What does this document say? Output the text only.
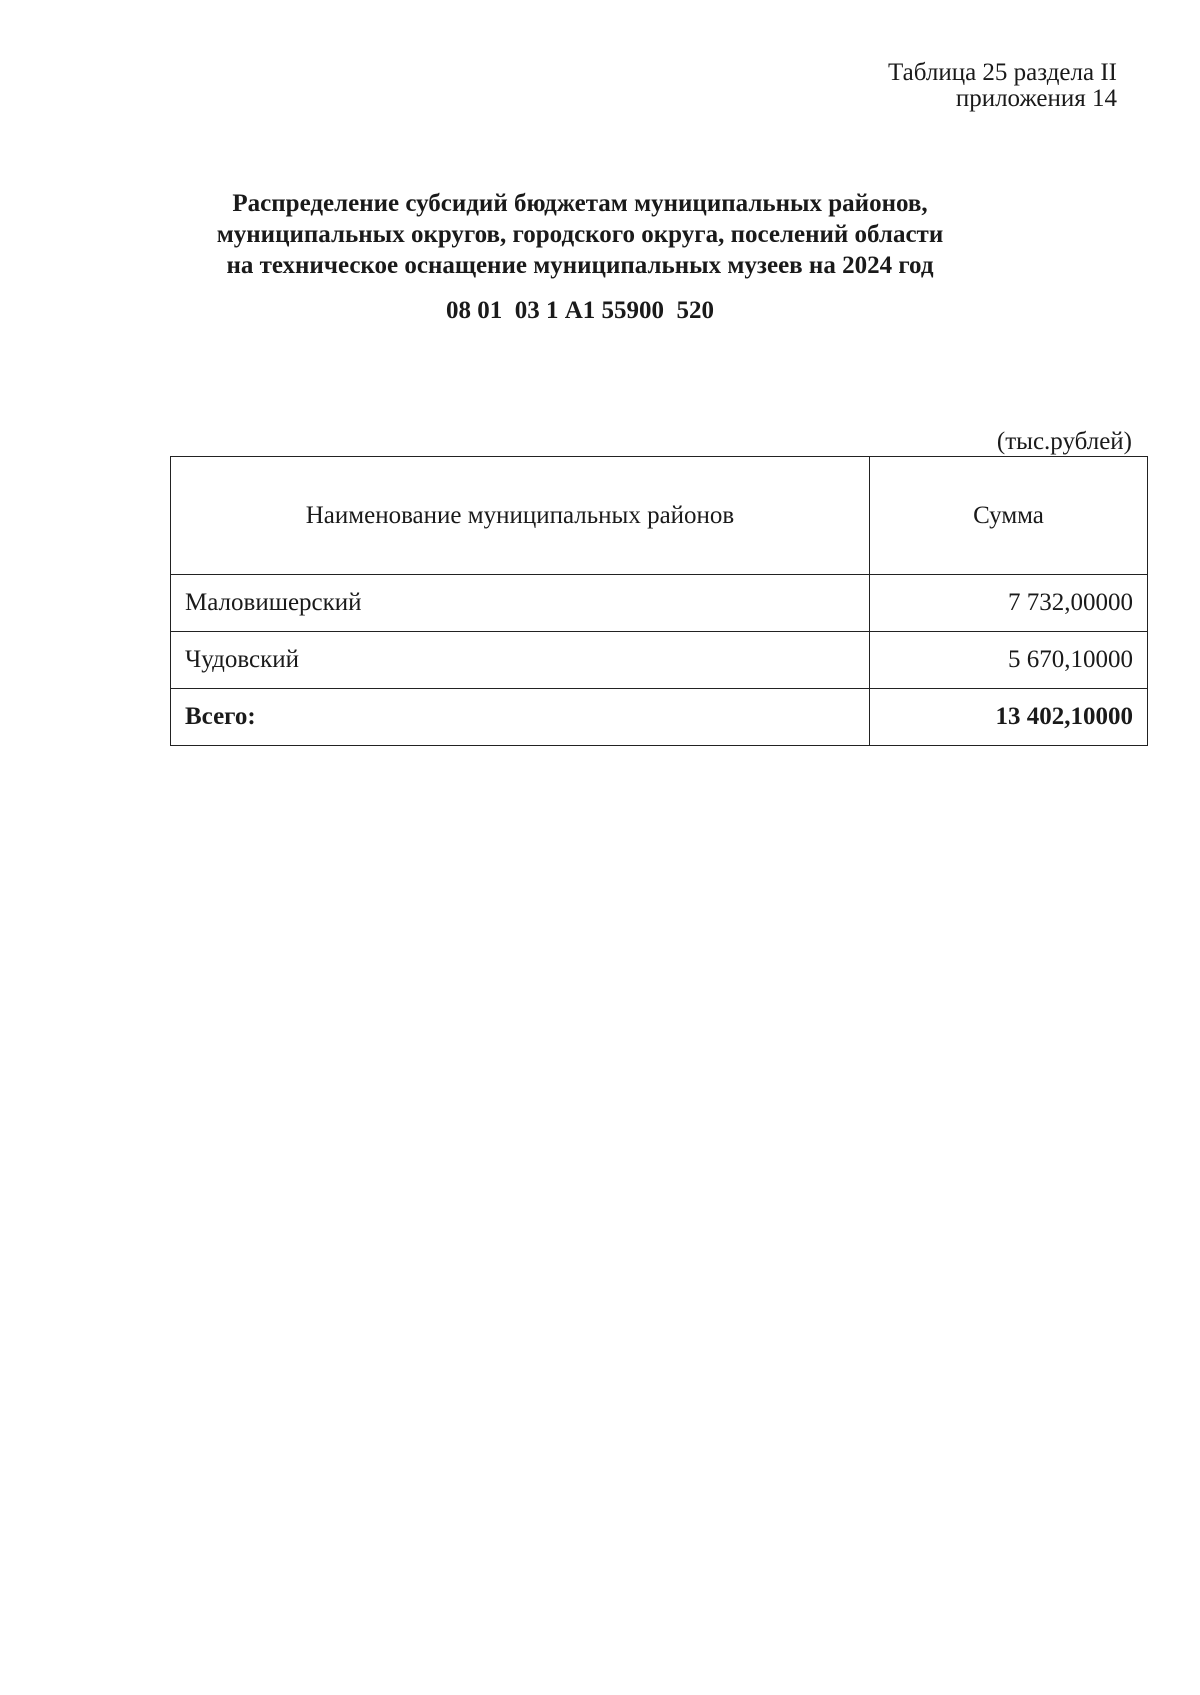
Таблица 25 раздела II
приложения 14
Распределение субсидий бюджетам муниципальных районов,
муниципальных округов, городского округа, поселений области
на техническое оснащение муниципальных музеев на 2024 год
08 01  03 1 А1 55900  520
(тыс.рублей)
Наименование муниципальных районов	Сумма
Маловишерский	7 732,00000
Чудовский	5 670,10000
Всего:	13 402,10000
